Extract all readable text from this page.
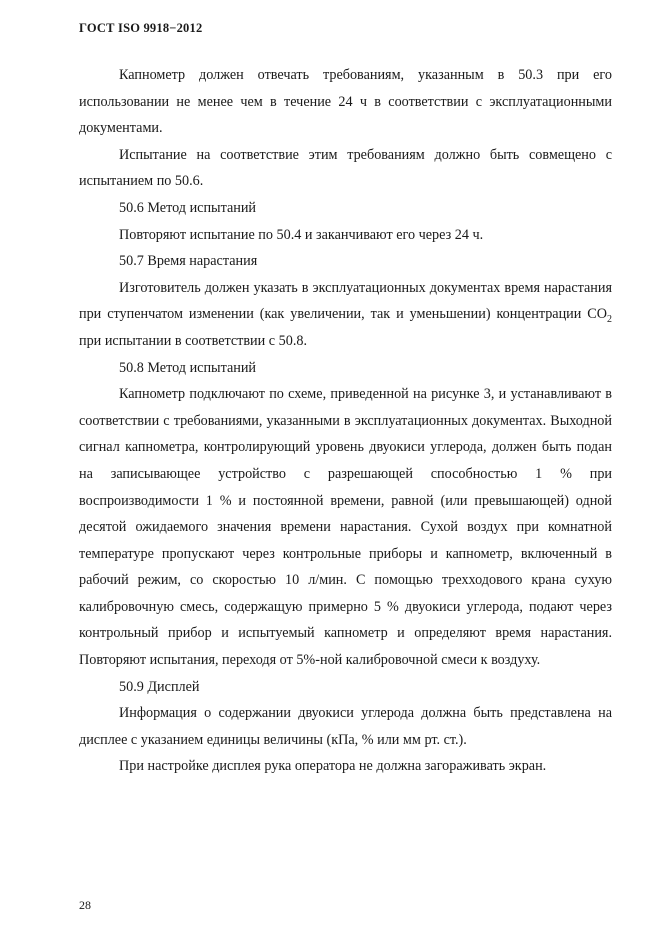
ГОСТ ISO 9918−2012

Капнометр должен отвечать требованиям, указанным в 50.3 при его использовании не менее чем в течение 24 ч в соответствии с эксплуатационными документами.

Испытание на соответствие этим требованиям должно быть совмещено с испытанием по 50.6.

50.6 Метод испытаний

Повторяют испытание по 50.4 и заканчивают его через 24 ч.

50.7 Время нарастания

Изготовитель должен указать в эксплуатационных документах время нарастания при ступенчатом изменении (как увеличении, так и уменьшении) концентрации $CO_2$ при испытании в соответствии с 50.8.

50.8 Метод испытаний

Капнометр подключают по схеме, приведенной на рисунке 3, и устанавливают в соответствии с требованиями, указанными в эксплуатационных документах. Выходной сигнал капнометра, контролирующий уровень двуокиси углерода, должен быть подан на записывающее устройство с разрешающей способностью 1 % при воспроизводимости 1 % и постоянной времени, равной (или превышающей) одной десятой ожидаемого значения времени нарастания. Сухой воздух при комнатной температуре пропускают через контрольные приборы и капнометр, включенный в рабочий режим, со скоростью 10 л/мин. С помощью трехходового крана сухую калибровочную смесь, содержащую примерно 5 % двуокиси углерода, подают через контрольный прибор и испытуемый капнометр и определяют время нарастания. Повторяют испытания, переходя от 5%-ной калибровочной смеси к воздуху.

50.9 Дисплей

Информация о содержании двуокиси углерода должна быть представлена на дисплее с указанием единицы величины (кПа, % или мм рт. ст.).

При настройке дисплея рука оператора не должна загораживать экран.

28
